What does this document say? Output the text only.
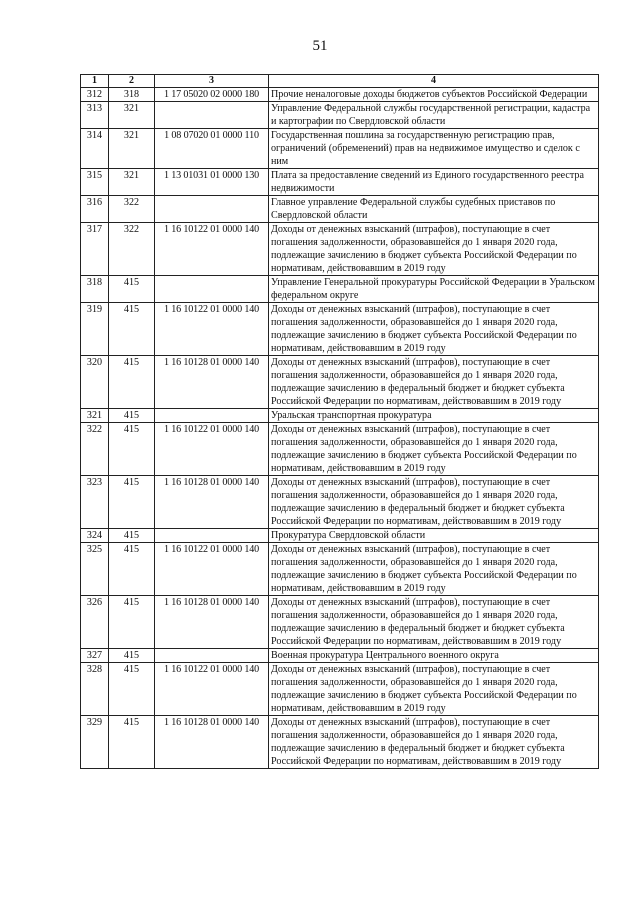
51
1	2	3	4
312	318	1 17 05020 02 0000 180	Прочие неналоговые доходы бюджетов субъектов Российской Федерации
313	321		Управление Федеральной службы государственной регистрации, кадастра и картографии по Свердловской области
314	321	1 08 07020 01 0000 110	Государственная пошлина за государственную регистрацию прав, ограничений (обременений) прав на недвижимое имущество и сделок с ним
315	321	1 13 01031 01 0000 130	Плата за предоставление сведений из Единого государственного реестра недвижимости
316	322		Главное управление Федеральной службы судебных приставов по Свердловской области
317	322	1 16 10122 01 0000 140	Доходы от денежных взысканий (штрафов), поступающие в счет погашения задолженности, образовавшейся до 1 января 2020 года, подлежащие зачислению в бюджет субъекта Российской Федерации по нормативам, действовавшим в 2019 году
318	415		Управление Генеральной прокуратуры Российской Федерации в Уральском федеральном округе
319	415	1 16 10122 01 0000 140	Доходы от денежных взысканий (штрафов), поступающие в счет погашения задолженности, образовавшейся до 1 января 2020 года, подлежащие зачислению в бюджет субъекта Российской Федерации по нормативам, действовавшим в 2019 году
320	415	1 16 10128 01 0000 140	Доходы от денежных взысканий (штрафов), поступающие в счет погашения задолженности, образовавшейся до 1 января 2020 года, подлежащие зачислению в федеральный бюджет и бюджет субъекта Российской Федерации по нормативам, действовавшим в 2019 году
321	415		Уральская транспортная прокуратура
322	415	1 16 10122 01 0000 140	Доходы от денежных взысканий (штрафов), поступающие в счет погашения задолженности, образовавшейся до 1 января 2020 года, подлежащие зачислению в бюджет субъекта Российской Федерации по нормативам, действовавшим в 2019 году
323	415	1 16 10128 01 0000 140	Доходы от денежных взысканий (штрафов), поступающие в счет погашения задолженности, образовавшейся до 1 января 2020 года, подлежащие зачислению в федеральный бюджет и бюджет субъекта Российской Федерации по нормативам, действовавшим в 2019 году
324	415		Прокуратура Свердловской области
325	415	1 16 10122 01 0000 140	Доходы от денежных взысканий (штрафов), поступающие в счет погашения задолженности, образовавшейся до 1 января 2020 года, подлежащие зачислению в бюджет субъекта Российской Федерации по нормативам, действовавшим в 2019 году
326	415	1 16 10128 01 0000 140	Доходы от денежных взысканий (штрафов), поступающие в счет погашения задолженности, образовавшейся до 1 января 2020 года, подлежащие зачислению в федеральный бюджет и бюджет субъекта Российской Федерации по нормативам, действовавшим в 2019 году
327	415		Военная прокуратура Центрального военного округа
328	415	1 16 10122 01 0000 140	Доходы от денежных взысканий (штрафов), поступающие в счет погашения задолженности, образовавшейся до 1 января 2020 года, подлежащие зачислению в бюджет субъекта Российской Федерации по нормативам, действовавшим в 2019 году
329	415	1 16 10128 01 0000 140	Доходы от денежных взысканий (штрафов), поступающие в счет погашения задолженности, образовавшейся до 1 января 2020 года, подлежащие зачислению в федеральный бюджет и бюджет субъекта Российской Федерации по нормативам, действовавшим в 2019 году
